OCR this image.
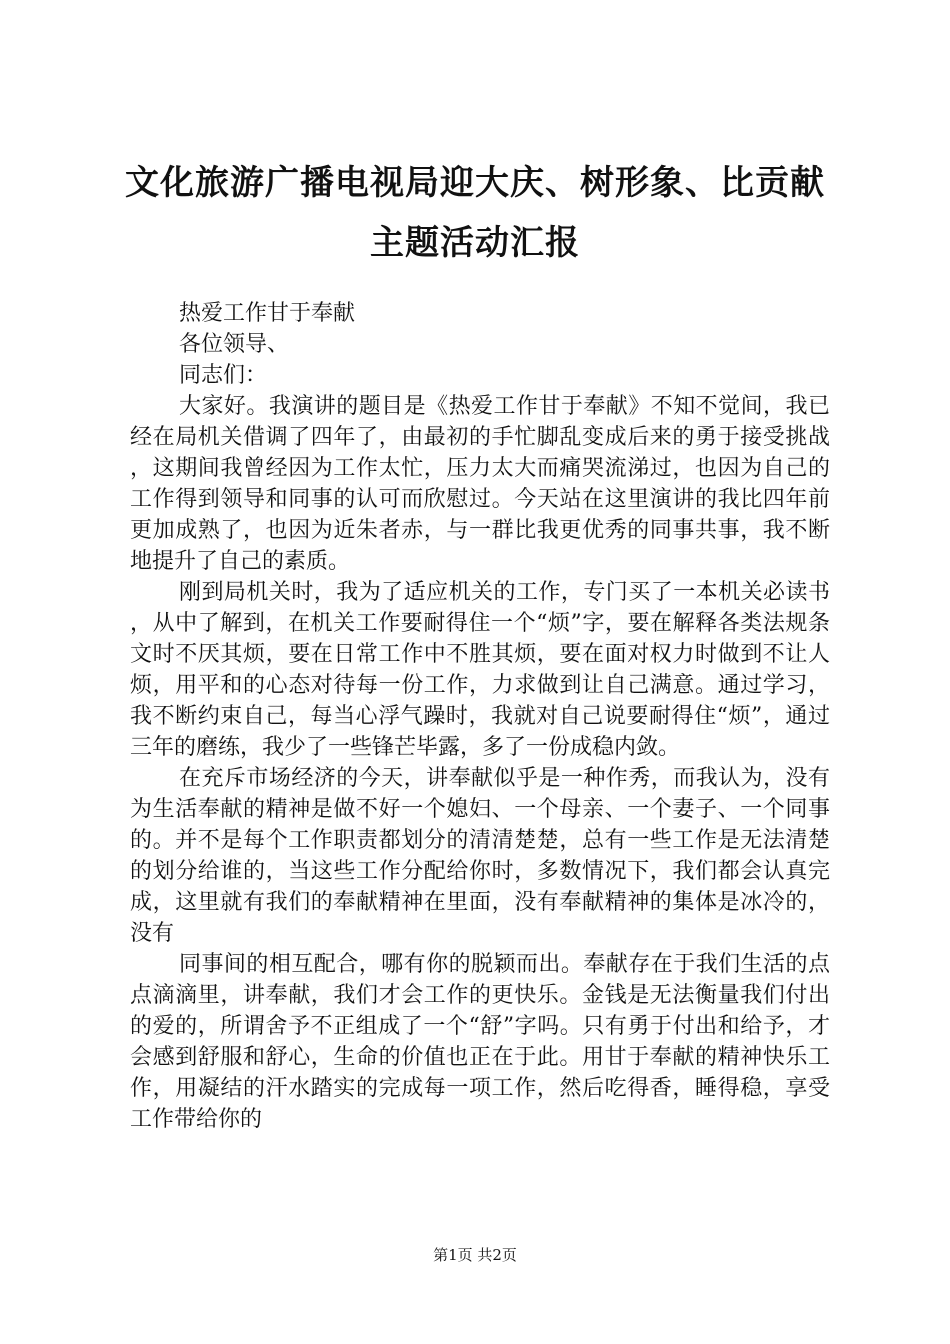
文化旅游广播电视局迎大庆、树形象、比贡献
主题活动汇报

热爱工作甘于奉献

各位领导、

同志们：

大家好。我演讲的题目是《热爱工作甘于奉献》不知不觉间，我已经在局机关借调了四年了，由最初的手忙脚乱变成后来的勇于接受挑战，这期间我曾经因为工作太忙，压力太大而痛哭流涕过，也因为自己的工作得到领导和同事的认可而欣慰过。今天站在这里演讲的我比四年前更加成熟了，也因为近朱者赤，与一群比我更优秀的同事共事，我不断地提升了自己的素质。

刚到局机关时，我为了适应机关的工作，专门买了一本机关必读书，从中了解到，在机关工作要耐得住一个“烦”字，要在解释各类法规条文时不厌其烦，要在日常工作中不胜其烦，要在面对权力时做到不让人烦，用平和的心态对待每一份工作，力求做到让自己满意。通过学习，我不断约束自己，每当心浮气躁时，我就对自己说要耐得住“烦”，通过三年的磨练，我少了一些锋芒毕露，多了一份成稳内敛。

在充斥市场经济的今天，讲奉献似乎是一种作秀，而我认为，没有为生活奉献的精神是做不好一个媳妇、一个母亲、一个妻子、一个同事的。并不是每个工作职责都划分的清清楚楚，总有一些工作是无法清楚的划分给谁的，当这些工作分配给你时，多数情况下，我们都会认真完成，这里就有我们的奉献精神在里面，没有奉献精神的集体是冰冷的，没有

同事间的相互配合，哪有你的脱颖而出。奉献存在于我们生活的点点滴滴里，讲奉献，我们才会工作的更快乐。金钱是无法衡量我们付出的爱的，所谓舍予不正组成了一个“舒”字吗。只有勇于付出和给予，才会感到舒服和舒心，生命的价值也正在于此。用甘于奉献的精神快乐工作，用凝结的汗水踏实的完成每一项工作，然后吃得香，睡得稳，享受工作带给你的

第1页 共2页
